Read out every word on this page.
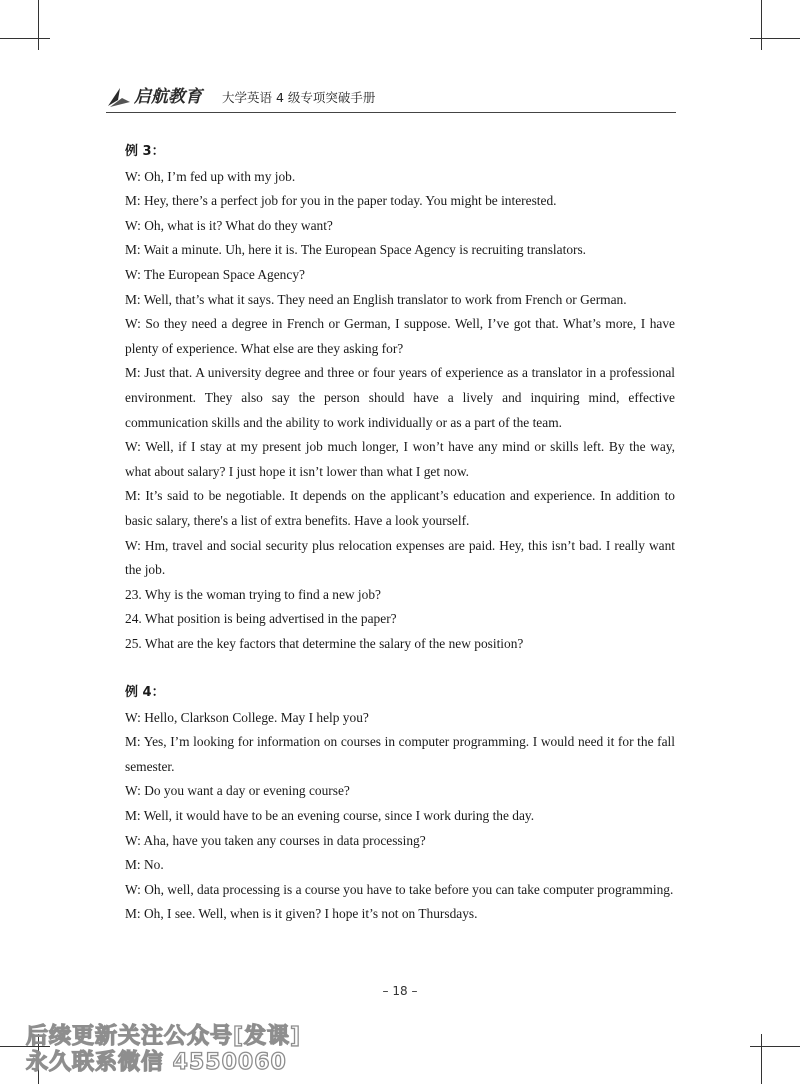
启航教育 大学英语 4 级专项突破手册

例 3：

W: Oh, I’m fed up with my job.

M: Hey, there’s a perfect job for you in the paper today. You might be interested.

W: Oh, what is it? What do they want?

M: Wait a minute. Uh, here it is. The European Space Agency is recruiting translators.

W: The European Space Agency?

M: Well, that’s what it says. They need an English translator to work from French or German.

W: So they need a degree in French or German, I suppose. Well, I’ve got that. What’s more, I have plenty of experience. What else are they asking for?

M: Just that. A university degree and three or four years of experience as a translator in a professional environment. They also say the person should have a lively and inquiring mind, effective communication skills and the ability to work individually or as a part of the team.

W: Well, if I stay at my present job much longer, I won’t have any mind or skills left. By the way, what about salary? I just hope it isn’t lower than what I get now.

M: It’s said to be negotiable. It depends on the applicant’s education and experience. In addition to basic salary, there's a list of extra benefits. Have a look yourself.

W: Hm, travel and social security plus relocation expenses are paid. Hey, this isn’t bad. I really want the job.

23. Why is the woman trying to find a new job?

24. What position is being advertised in the paper?

25. What are the key factors that determine the salary of the new position?

例 4：

W: Hello, Clarkson College. May I help you?

M: Yes, I’m looking for information on courses in computer programming. I would need it for the fall semester.

W: Do you want a day or evening course?

M: Well, it would have to be an evening course, since I work during the day.

W: Aha, have you taken any courses in data processing?

M: No.

W: Oh, well, data processing is a course you have to take before you can take computer programming.

M: Oh, I see. Well, when is it given? I hope it’s not on Thursdays.

– 18 –
后续更新关注公众号[发课]
永久联系微信 4550060
